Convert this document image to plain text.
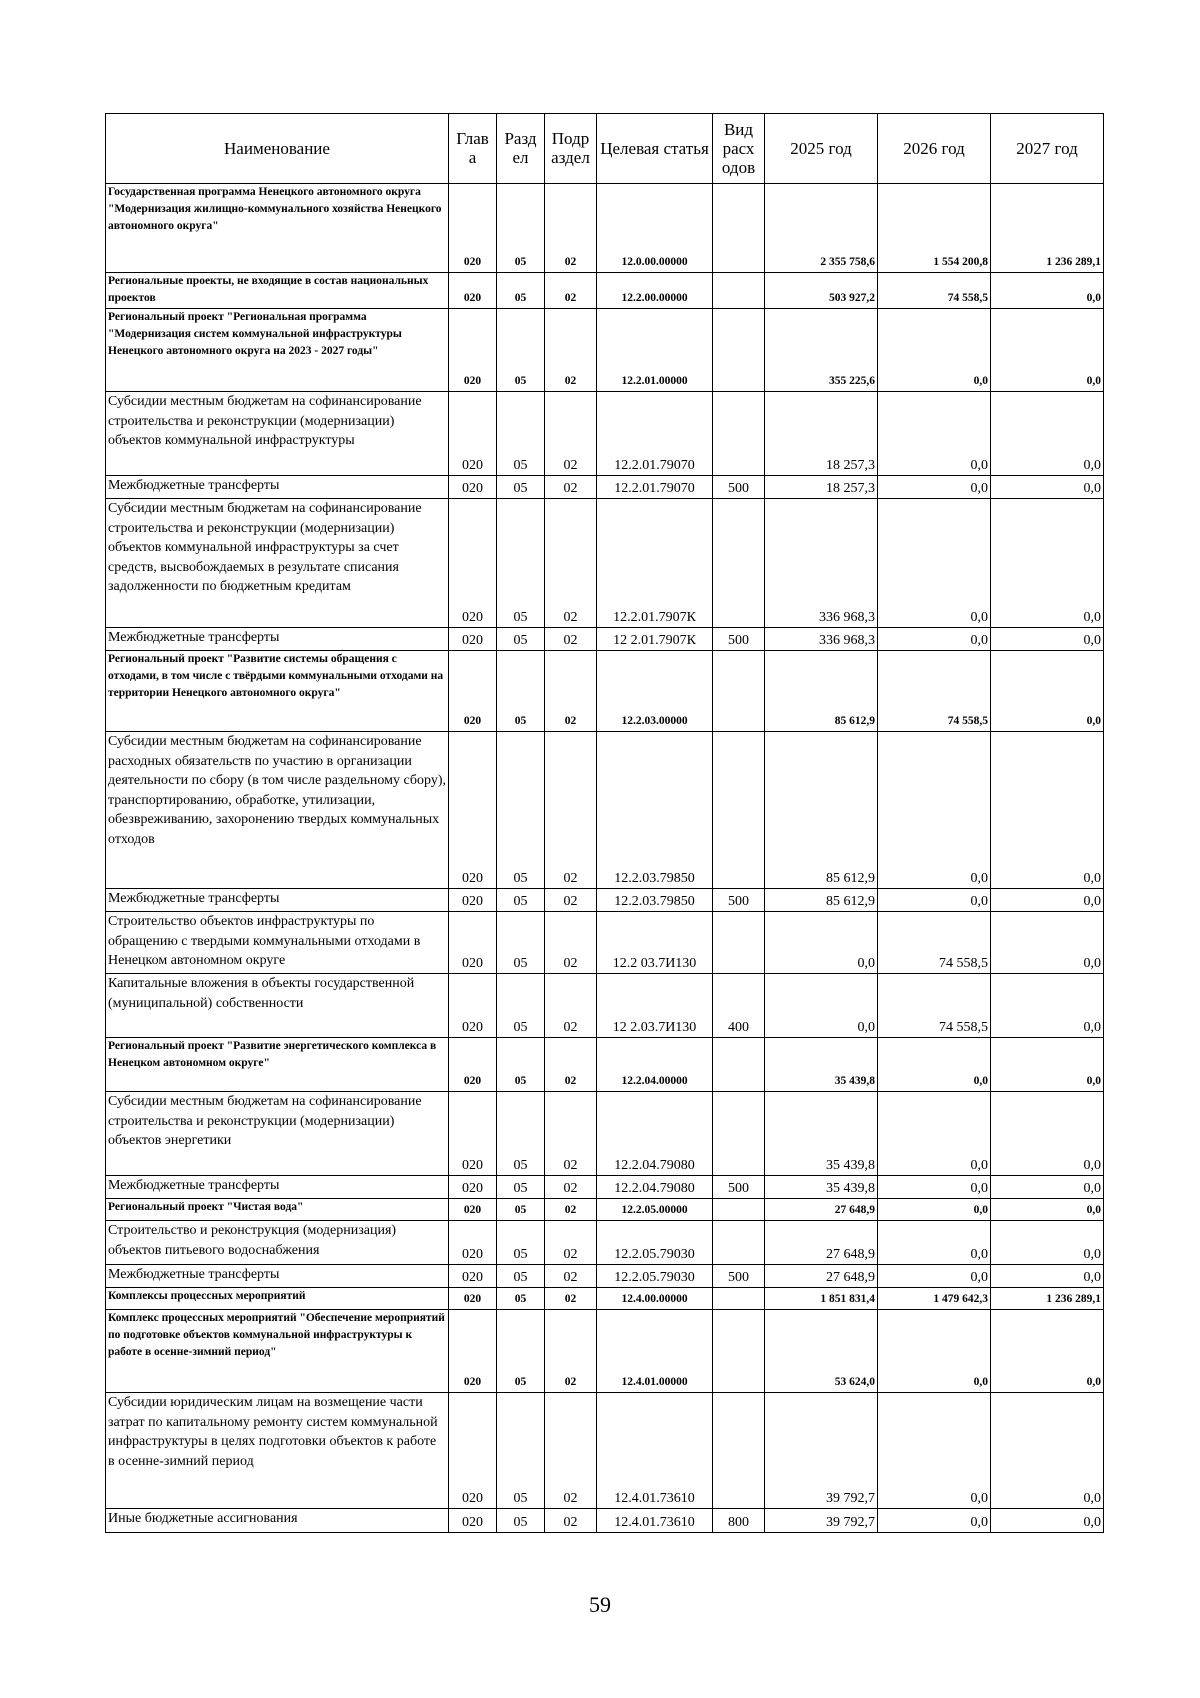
Наименование	Глав а	Разд ел	Подр аздел	Целевая статья	Вид расх одов	2025 год	2026 год	2027 год
Государственная программа Ненецкого автономного округа "Модернизация жилищно-коммунального хозяйства Ненецкого автономного округа"	020	05	02	12.0.00.00000		2 355 758,6	1 554 200,8	1 236 289,1
Региональные проекты, не входящие в состав национальных проектов	020	05	02	12.2.00.00000		503 927,2	74 558,5	0,0
Региональный проект "Региональная программа "Модернизация систем коммунальной инфраструктуры Ненецкого автономного округа на 2023 - 2027 годы"	020	05	02	12.2.01.00000		355 225,6	0,0	0,0
Субсидии местным бюджетам на софинансирование строительства и реконструкции (модернизации) объектов коммунальной инфраструктуры	020	05	02	12.2.01.79070		18 257,3	0,0	0,0
Межбюджетные трансферты	020	05	02	12.2.01.79070	500	18 257,3	0,0	0,0
Субсидии местным бюджетам на софинансирование строительства и реконструкции (модернизации) объектов коммунальной инфраструктуры за счет средств, высвобождаемых в результате списания задолженности по бюджетным кредитам	020	05	02	12.2.01.7907К		336 968,3	0,0	0,0
Межбюджетные трансферты	020	05	02	12 2.01.7907К	500	336 968,3	0,0	0,0
Региональный проект "Развитие системы обращения с отходами, в том числе с твёрдыми коммунальными отходами на территории Ненецкого автономного округа"	020	05	02	12.2.03.00000		85 612,9	74 558,5	0,0
Субсидии местным бюджетам на софинансирование расходных обязательств по участию в организации деятельности по сбору (в том числе раздельному сбору), транспортированию, обработке, утилизации, обезвреживанию, захоронению твердых коммунальных отходов	020	05	02	12.2.03.79850		85 612,9	0,0	0,0
Межбюджетные трансферты	020	05	02	12.2.03.79850	500	85 612,9	0,0	0,0
Строительство объектов инфраструктуры по обращению с твердыми коммунальными отходами в Ненецком автономном округе	020	05	02	12.2 03.7И130		0,0	74 558,5	0,0
Капитальные вложения в объекты государственной (муниципальной) собственности	020	05	02	12 2.03.7И130	400	0,0	74 558,5	0,0
Региональный проект "Развитие энергетического комплекса в Ненецком автономном округе"	020	05	02	12.2.04.00000		35 439,8	0,0	0,0
Субсидии местным бюджетам на софинансирование строительства и реконструкции (модернизации) объектов энергетики	020	05	02	12.2.04.79080		35 439,8	0,0	0,0
Межбюджетные трансферты	020	05	02	12.2.04.79080	500	35 439,8	0,0	0,0
Региональный проект "Чистая вода"	020	05	02	12.2.05.00000		27 648,9	0,0	0,0
Строительство и реконструкция (модернизация) объектов питьевого водоснабжения	020	05	02	12.2.05.79030		27 648,9	0,0	0,0
Межбюджетные трансферты	020	05	02	12.2.05.79030	500	27 648,9	0,0	0,0
Комплексы процессных мероприятий	020	05	02	12.4.00.00000		1 851 831,4	1 479 642,3	1 236 289,1
Комплекс процессных мероприятий "Обеспечение мероприятий по подготовке объектов коммунальной инфраструктуры к работе в осенне-зимний период"	020	05	02	12.4.01.00000		53 624,0	0,0	0,0
Субсидии юридическим лицам на возмещение части затрат по капитальному ремонту систем коммунальной инфраструктуры в целях подготовки объектов к работе в осенне-зимний период	020	05	02	12.4.01.73610		39 792,7	0,0	0,0
Иные бюджетные ассигнования	020	05	02	12.4.01.73610	800	39 792,7	0,0	0,0
59
